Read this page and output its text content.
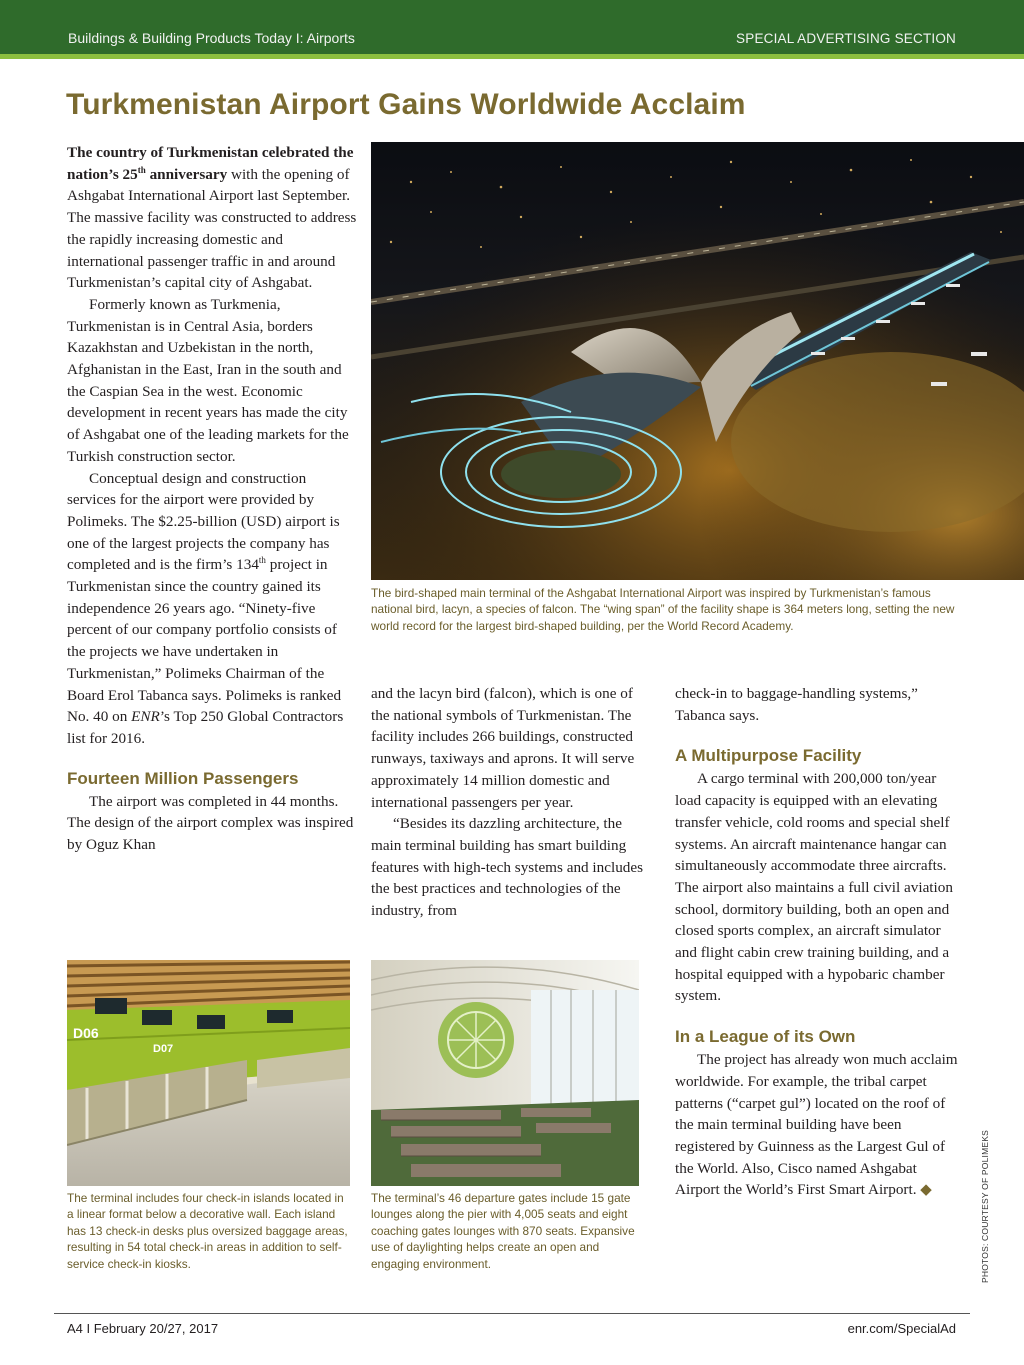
Buildings & Building Products Today I: Airports	SPECIAL ADVERTISING SECTION
Turkmenistan Airport Gains Worldwide Acclaim

The country of Turkmenistan celebrated the nation’s 25th anniversary with the opening of Ashgabat International Airport last September. The massive facility was constructed to address the rapidly increasing domestic and international passenger traffic in and around Turkmenistan’s capital city of Ashgabat.

Formerly known as Turkmenia, Turkmenistan is in Central Asia, borders Kazakhstan and Uzbekistan in the north, Afghanistan in the East, Iran in the south and the Caspian Sea in the west. Economic development in recent years has made the city of Ashgabat one of the leading markets for the Turkish construction sector.

Conceptual design and construction services for the airport were provided by Polimeks. The $2.25-billion (USD) airport is one of the largest projects the company has completed and is the firm’s 134th project in Turkmenistan since the country gained its independence 26 years ago. “Ninety-five percent of our company portfolio consists of the projects we have undertaken in Turkmenistan,” Polimeks Chairman of the Board Erol Tabanca says. Polimeks is ranked No. 40 on ENR’s Top 250 Global Contractors list for 2016.

Fourteen Million Passengers

The airport was completed in 44 months. The design of the airport complex was inspired by Oguz Khan

The bird-shaped main terminal of the Ashgabat International Airport was inspired by Turkmenistan’s famous national bird, lacyn, a species of falcon. The “wing span” of the facility shape is 364 meters long, setting the new world record for the largest bird-shaped building, per the World Record Academy.

and the lacyn bird (falcon), which is one of the national symbols of Turkmenistan. The facility includes 266 buildings, constructed runways, taxiways and aprons. It will serve approximately 14 million domestic and international passengers per year.

“Besides its dazzling architecture, the main terminal building has smart building features with high-tech systems and includes the best practices and technologies of the industry, from

check-in to baggage-handling systems,” Tabanca says.

A Multipurpose Facility

A cargo terminal with 200,000 ton/year load capacity is equipped with an elevating transfer vehicle, cold rooms and special shelf systems. An aircraft maintenance hangar can simultaneously accommodate three aircrafts. The airport also maintains a full civil aviation school, dormitory building, both an open and closed sports complex, an aircraft simulator and flight cabin crew training building, and a hospital equipped with a hypobaric chamber system.

In a League of its Own

The project has already won much acclaim worldwide. For example, the tribal carpet patterns (“carpet gul”) located on the roof of the main terminal building have been registered by Guinness as the Largest Gul of the World. Also, Cisco named Ashgabat Airport the World’s First Smart Airport. ◆

D06
D07
The terminal includes four check-in islands located in a linear format below a decorative wall. Each island has 13 check-in desks plus oversized baggage areas, resulting in 54 total check-in areas in addition to self-service check-in kiosks.
The terminal’s 46 departure gates include 15 gate lounges along the pier with 4,005 seats and eight coaching gates lounges with 870 seats. Expansive use of daylighting helps create an open and engaging environment.	PHOTOS: COURTESY OF POLIMEKS
A4 I February 20/27, 2017	enr.com/SpecialAd
